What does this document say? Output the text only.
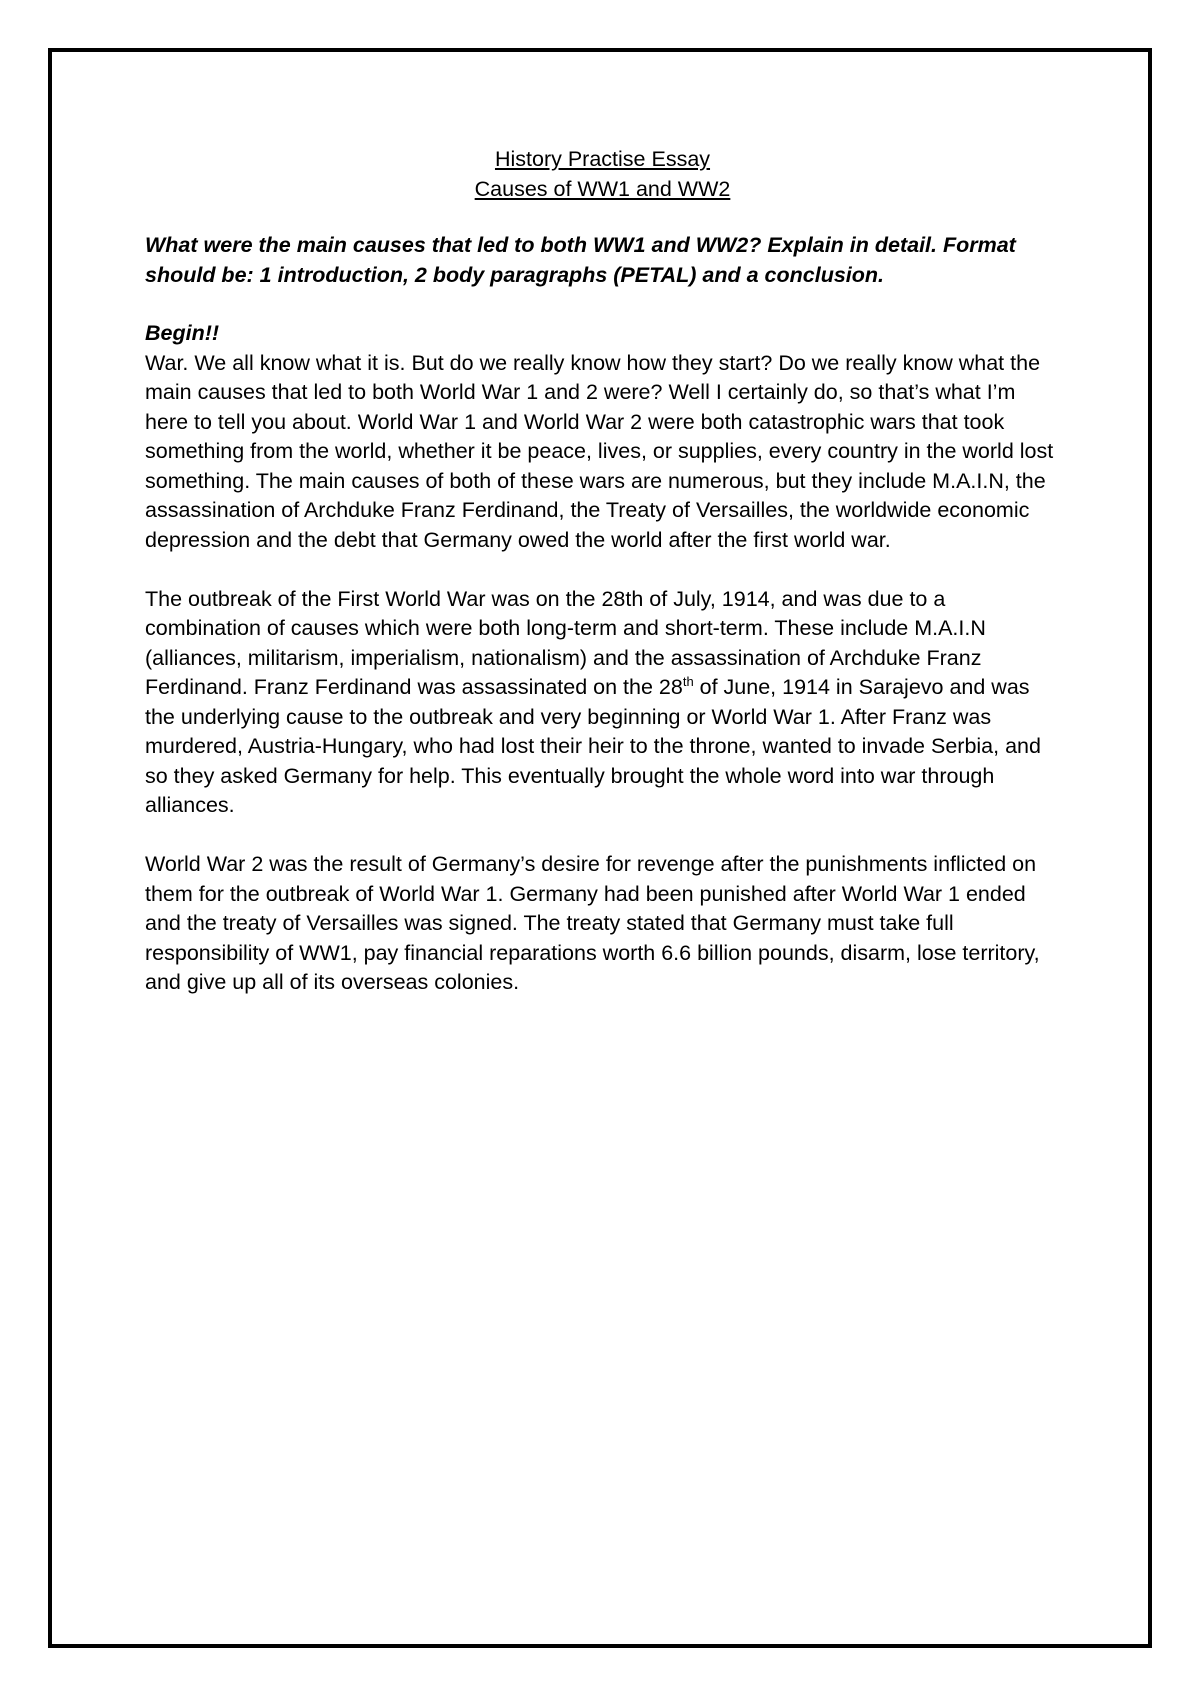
History Practise Essay
Causes of WW1 and WW2

What were the main causes that led to both WW1 and WW2? Explain in detail. Format should be: 1 introduction, 2 body paragraphs (PETAL) and a conclusion.

Begin!!

War. We all know what it is. But do we really know how they start? Do we really know what the main causes that led to both World War 1 and 2 were? Well I certainly do, so that’s what I’m here to tell you about. World War 1 and World War 2 were both catastrophic wars that took something from the world, whether it be peace, lives, or supplies, every country in the world lost something. The main causes of both of these wars are numerous, but they include M.A.I.N, the assassination of Archduke Franz Ferdinand, the Treaty of Versailles, the worldwide economic depression and the debt that Germany owed the world after the first world war.

The outbreak of the First World War was on the 28th of July, 1914, and was due to a combination of causes which were both long-term and short-term. These include M.A.I.N (alliances, militarism, imperialism, nationalism) and the assassination of Archduke Franz Ferdinand. Franz Ferdinand was assassinated on the 28th of June, 1914 in Sarajevo and was the underlying cause to the outbreak and very beginning or World War 1. After Franz was murdered, Austria-Hungary, who had lost their heir to the throne, wanted to invade Serbia, and so they asked Germany for help. This eventually brought the whole word into war through alliances.

World War 2 was the result of Germany’s desire for revenge after the punishments inflicted on them for the outbreak of World War 1. Germany had been punished after World War 1 ended and the treaty of Versailles was signed. The treaty stated that Germany must take full responsibility of WW1, pay financial reparations worth 6.6 billion pounds, disarm, lose territory, and give up all of its overseas colonies.
